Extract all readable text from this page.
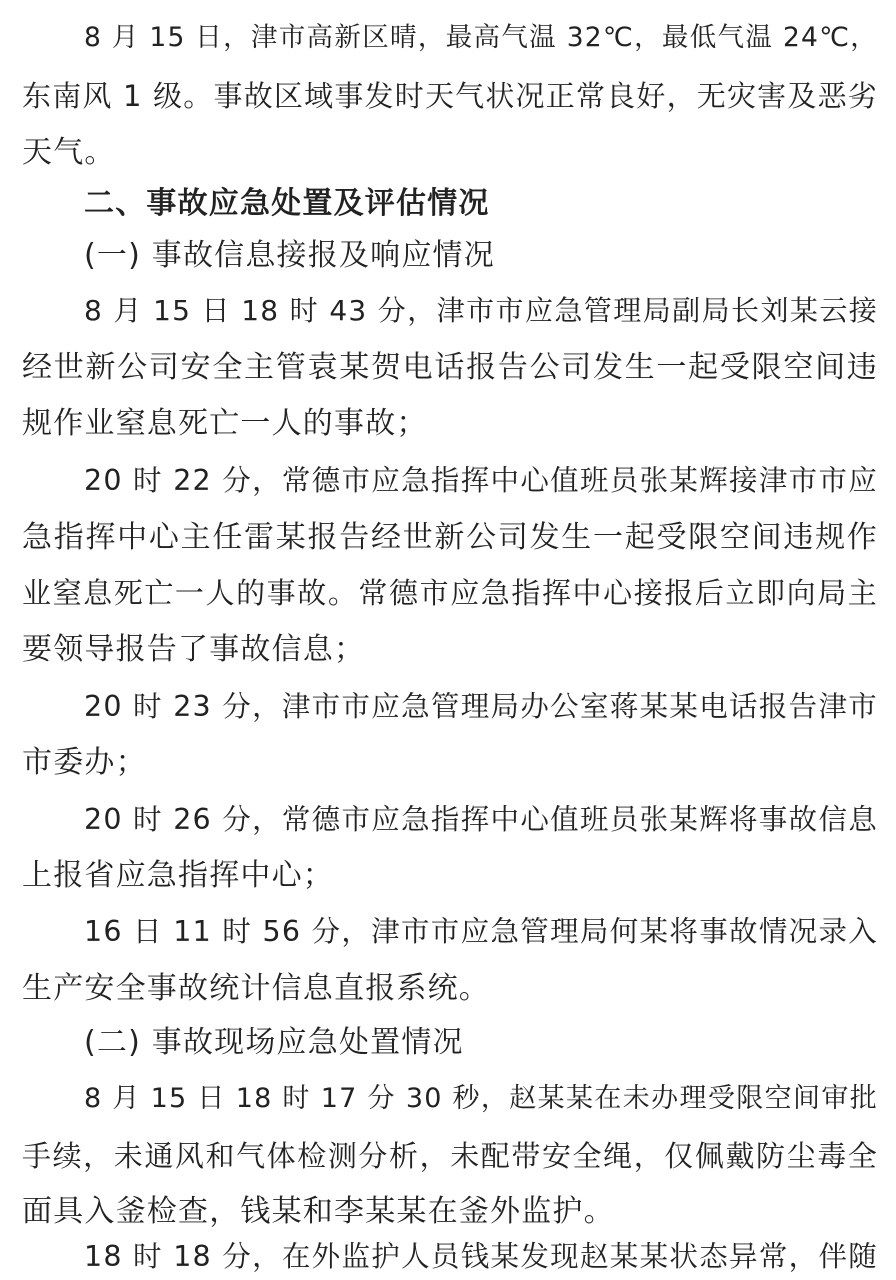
8 月 15 日，津市高新区晴，最高气温 32℃，最低气温 24℃，
东南风 1 级。事故区域事发时天气状况正常良好，无灾害及恶劣
天气。
二、事故应急处置及评估情况
(一) 事故信息接报及响应情况
8 月 15 日 18 时 43 分，津市市应急管理局副局长刘某云接
经世新公司安全主管袁某贺电话报告公司发生一起受限空间违
规作业窒息死亡一人的事故；
20 时 22 分，常德市应急指挥中心值班员张某辉接津市市应
急指挥中心主任雷某报告经世新公司发生一起受限空间违规作
业窒息死亡一人的事故。常德市应急指挥中心接报后立即向局主
要领导报告了事故信息；
20 时 23 分，津市市应急管理局办公室蒋某某电话报告津市
市委办；
20 时 26 分，常德市应急指挥中心值班员张某辉将事故信息
上报省应急指挥中心；
16 日 11 时 56 分，津市市应急管理局何某将事故情况录入
生产安全事故统计信息直报系统。
(二) 事故现场应急处置情况
8 月 15 日 18 时 17 分 30 秒，赵某某在未办理受限空间审批
手续，未通风和气体检测分析，未配带安全绳，仅佩戴防尘毒全
面具入釜检查，钱某和李某某在釜外监护。
18 时 18 分，在外监护人员钱某发现赵某某状态异常，伴随
